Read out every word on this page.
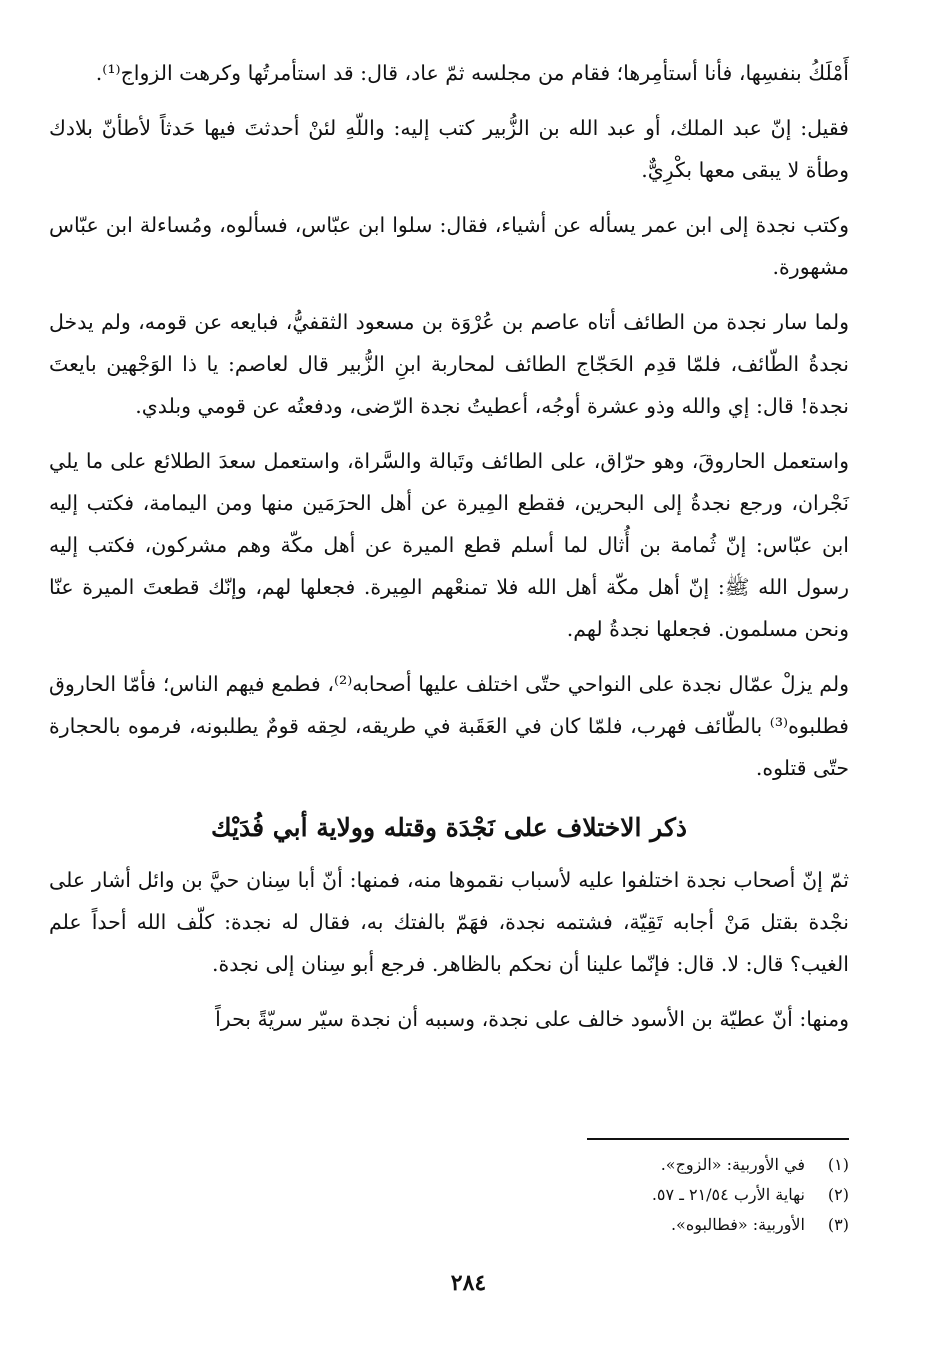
أَمْلَكُ بنفسِها، فأنا أستأمِرها؛ فقام من مجلسه ثمّ عاد، قال: قد استأمرتُها وكرهت الزواج⁽¹⁾.

فقيل: إنّ عبد الملك، أو عبد الله بن الزُّبير كتب إليه: واللّهِ لئنْ أحدثتَ فيها حَدثاً لأطأنّ بلادك وطأة لا يبقى معها بكْرِيٌّ.

وكتب نجدة إلى ابن عمر يسأله عن أشياء، فقال: سلوا ابن عبّاس، فسألوه، ومُساءلة ابن عبّاس مشهورة.

ولما سار نجدة من الطائف أتاه عاصم بن عُرْوَة بن مسعود الثقفيُّ، فبايعه عن قومه، ولم يدخل نجدةُ الطّائف، فلمّا قدِم الحَجّاج الطائف لمحاربة ابنِ الزُّبير قال لعاصم: يا ذا الوَجْهين بايعتَ نجدة! قال: إي والله وذو عشرة أوجُه، أعطيتُ نجدة الرّضى، ودفعتُه عن قومي وبلدي.

واستعمل الحاروقَ، وهو حرّاق، على الطائف وتَبالة والسَّراة، واستعمل سعدَ الطلائع على ما يلي نَجْران، ورجع نجدةُ إلى البحرين، فقطع المِيرة عن أهل الحرَمَين منها ومن اليمامة، فكتب إليه ابن عبّاس: إنّ ثُمامة بن أُثال لما أسلم قطع الميرة عن أهل مكّة وهم مشركون، فكتب إليه رسول الله ﷺ: إنّ أهل مكّة أهل الله فلا تمنعْهم المِيرة. فجعلها لهم، وإنّك قطعتَ الميرة عنّا ونحن مسلمون. فجعلها نجدةُ لهم.

ولم يزلْ عمّال نجدة على النواحي حتّى اختلف عليها أصحابه⁽²⁾، فطمع فيهم الناس؛ فأمّا الحاروق فطلبوه⁽³⁾ بالطّائف فهرب، فلمّا كان في العَقَبة في طريقه، لحِقه قومٌ يطلبونه، فرموه بالحجارة حتّى قتلوه.

ذكر الاختلاف على نَجْدَة وقتله وولاية أبي فُدَيْك

ثمّ إنّ أصحاب نجدة اختلفوا عليه لأسباب نقموها منه، فمنها: أنّ أبا سِنان حيَّ بن وائل أشار على نجْدة بقتل مَنْ أجابه تَقِيّة، فشتمه نجدة، فهَمّ بالفتك به، فقال له نجدة: كلّف الله أحداً علم الغيب؟ قال: لا. قال: فإنّما علينا أن نحكم بالظاهر. فرجع أبو سِنان إلى نجدة.

ومنها: أنّ عطيّة بن الأسود خالف على نجدة، وسببه أن نجدة سيّر سريّةً بحراً

(١)
في الأوربية: «الزوج».
(٢)
نهاية الأرب ٢١/٥٤ ـ ٥٧.
(٣)
الأوربية: «فطالبوه».
٢٨٤
